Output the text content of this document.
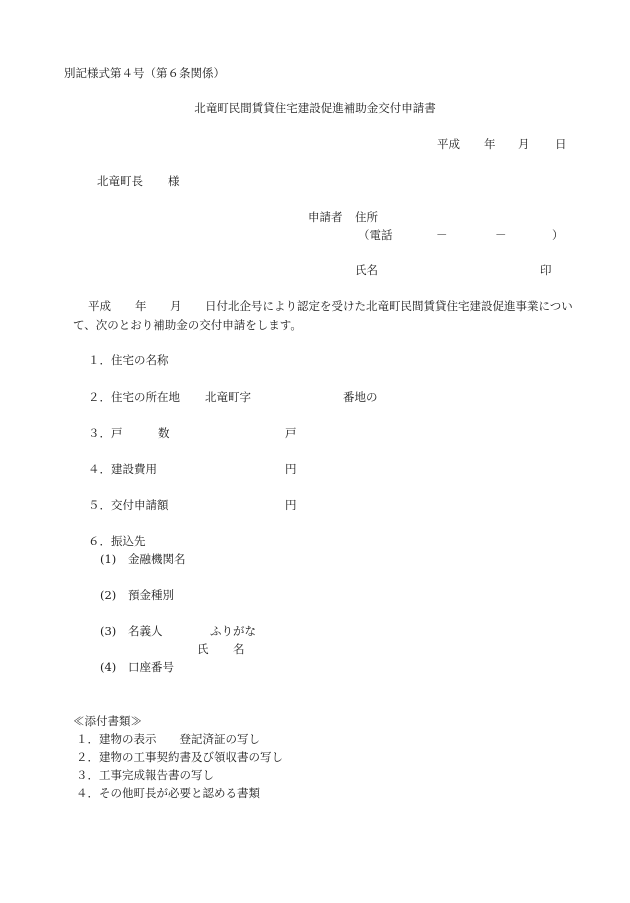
別記様式第４号（第６条関係）
北竜町民間賃貸住宅建設促進補助金交付申請書
平成 年 月 日
北竜町長 様
申請者 住所
（電話	－	－	）
氏名	印
平成 年 月 日付北企号により認定を受けた北竜町民間賃貸住宅建設促進事業につい
て、次のとおり補助金の交付申請をします。
１．住宅の名称
２．住宅の所在地 北竜町字	番地の
３．戸	数	戸
４．建設費用	円
５．交付申請額	円
６．振込先
(1) 金融機関名
(2) 預金種別
(3) 名義人	ふりがな
氏 名
(4) 口座番号
≪添付書類≫
１．建物の表示　　登記済証の写し
２．建物の工事契約書及び領収書の写し
３．工事完成報告書の写し
４．その他町長が必要と認める書類
